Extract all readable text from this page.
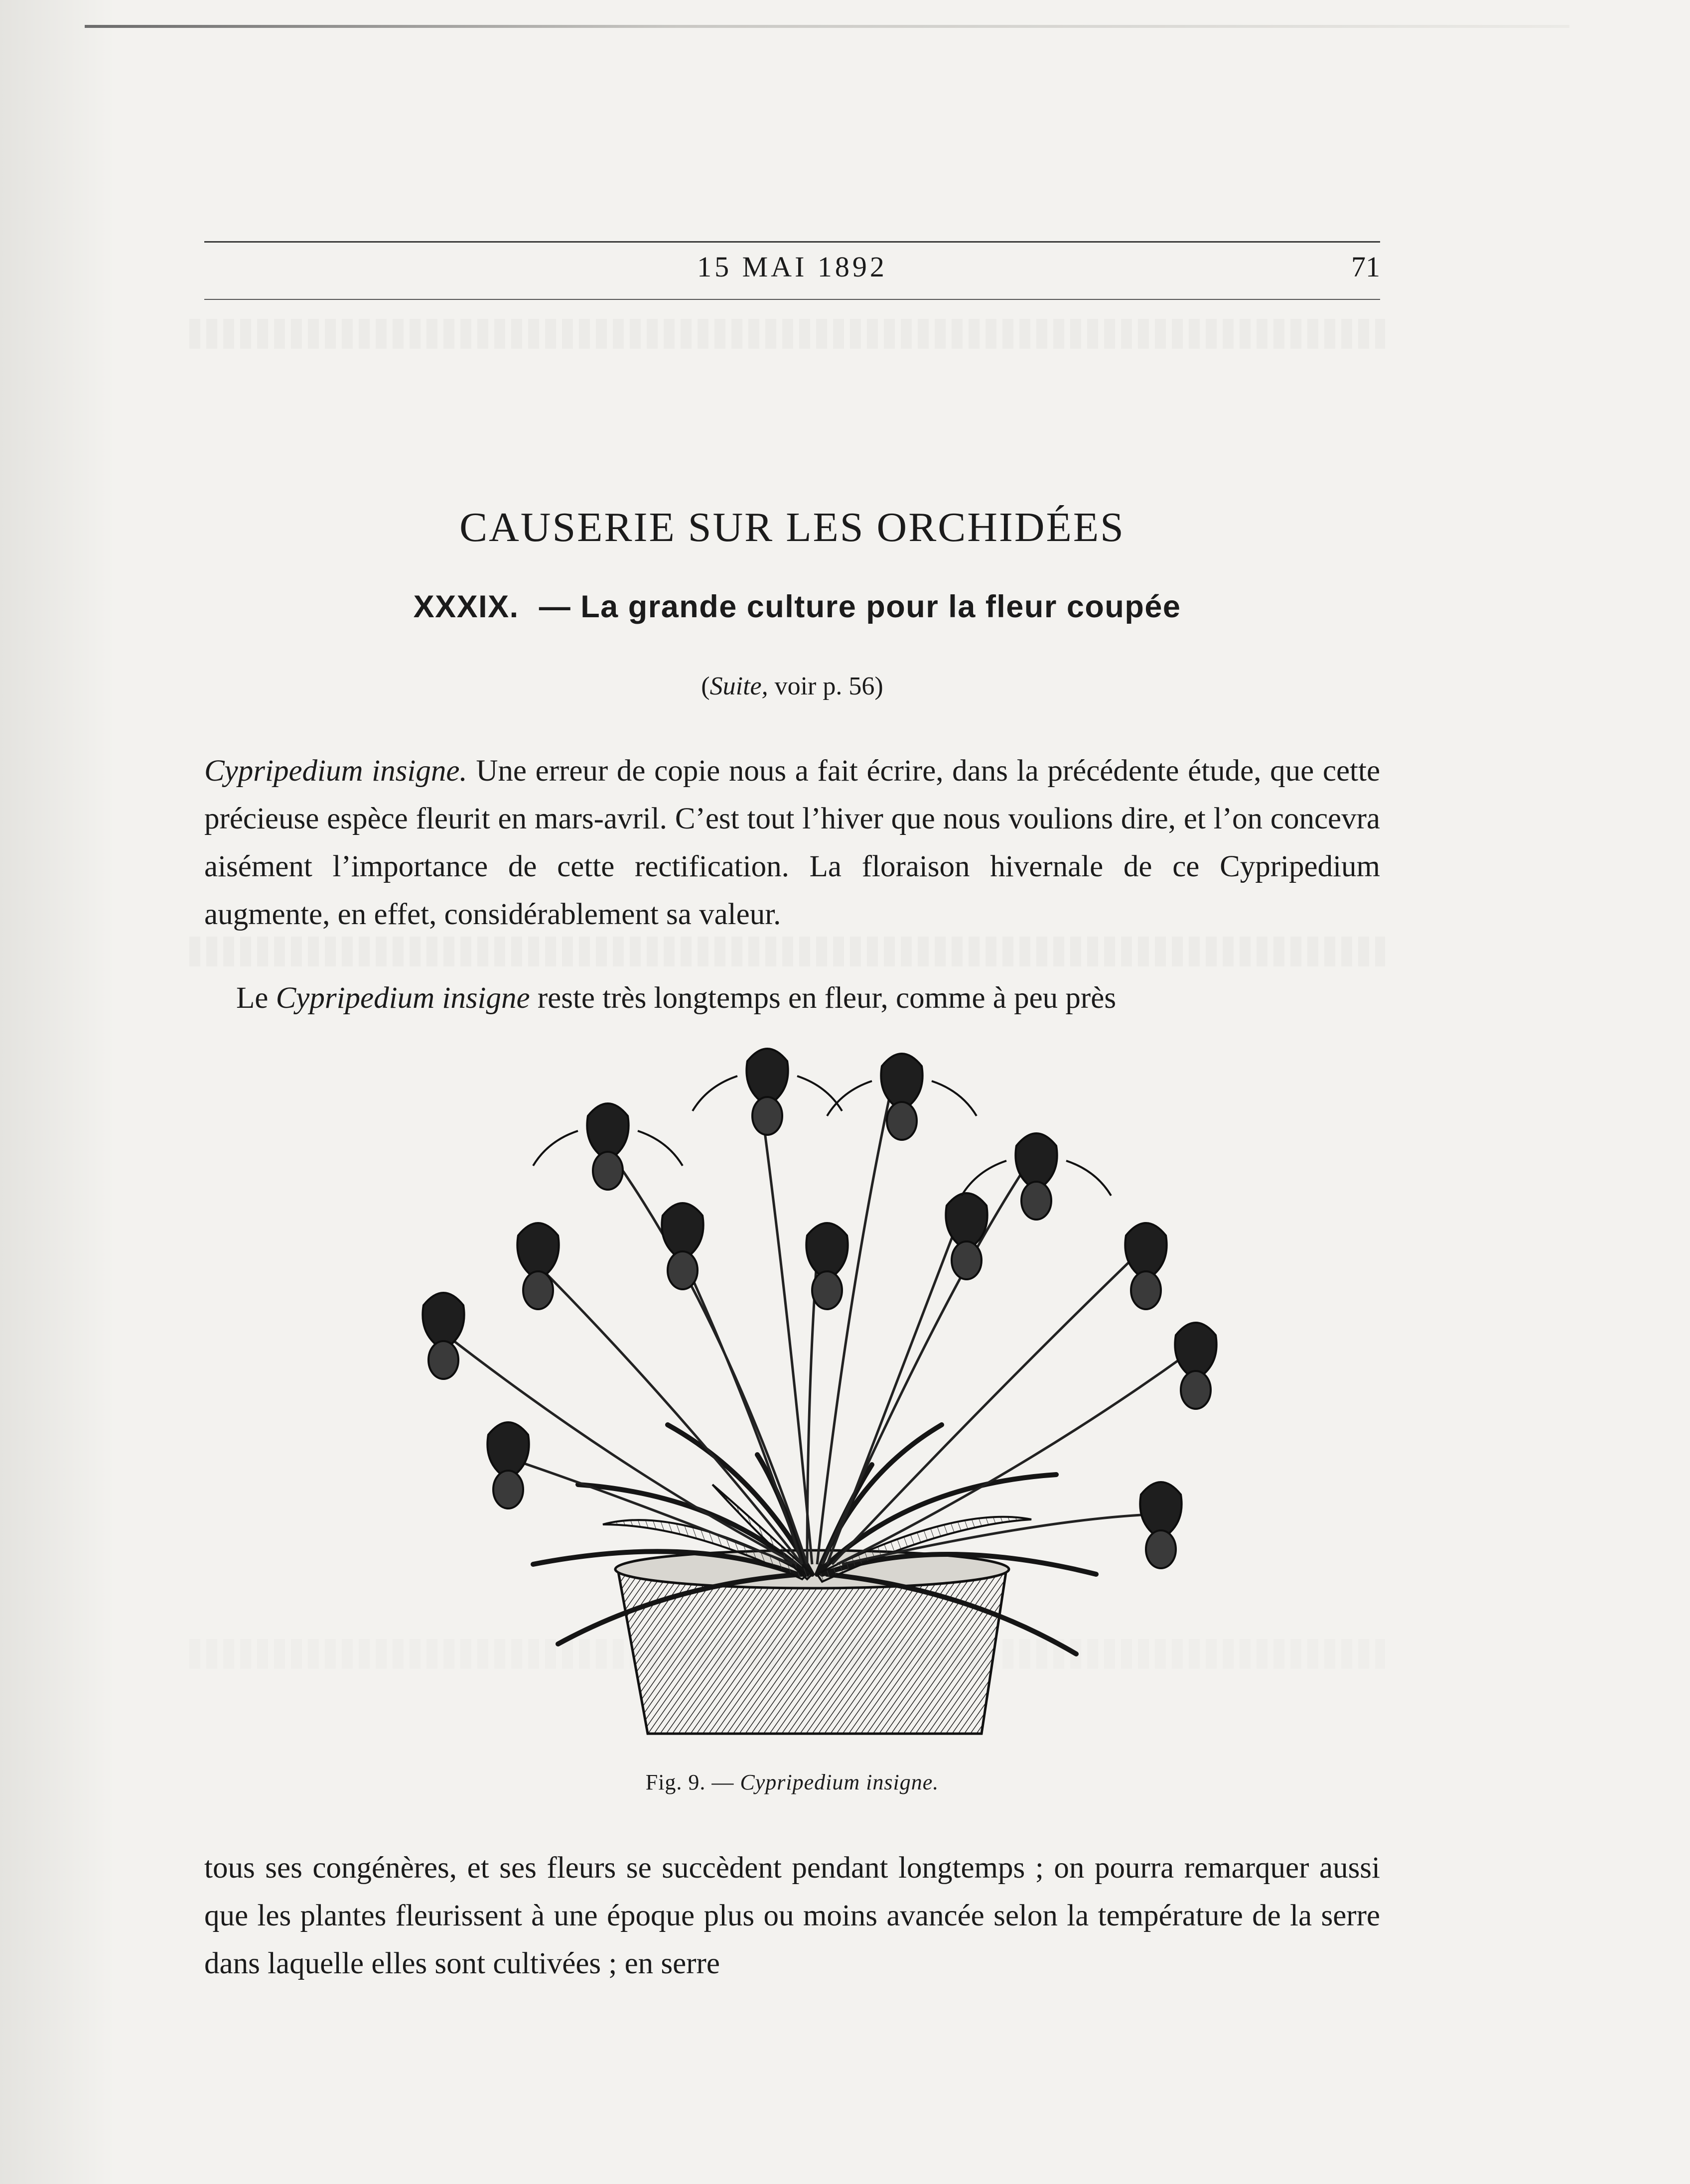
15 MAI 1892	71
CAUSERIE SUR LES ORCHIDÉES
XXXIX. — La grande culture pour la fleur coupée
(Suite, voir p. 56)

Cypripedium insigne. Une erreur de copie nous a fait écrire, dans la précédente étude, que cette précieuse espèce fleurit en mars-avril. C’est tout l’hiver que nous voulions dire, et l’on concevra aisément l’importance de cette rectification. La floraison hivernale de ce Cypripedium augmente, en effet, considérablement sa valeur.

Le Cypripedium insigne reste très longtemps en fleur, comme à peu près

Fig. 9. — Cypripedium insigne.

tous ses congénères, et ses fleurs se succèdent pendant longtemps ; on pourra remarquer aussi que les plantes fleurissent à une époque plus ou moins avancée selon la température de la serre dans laquelle elles sont cultivées ; en serre
